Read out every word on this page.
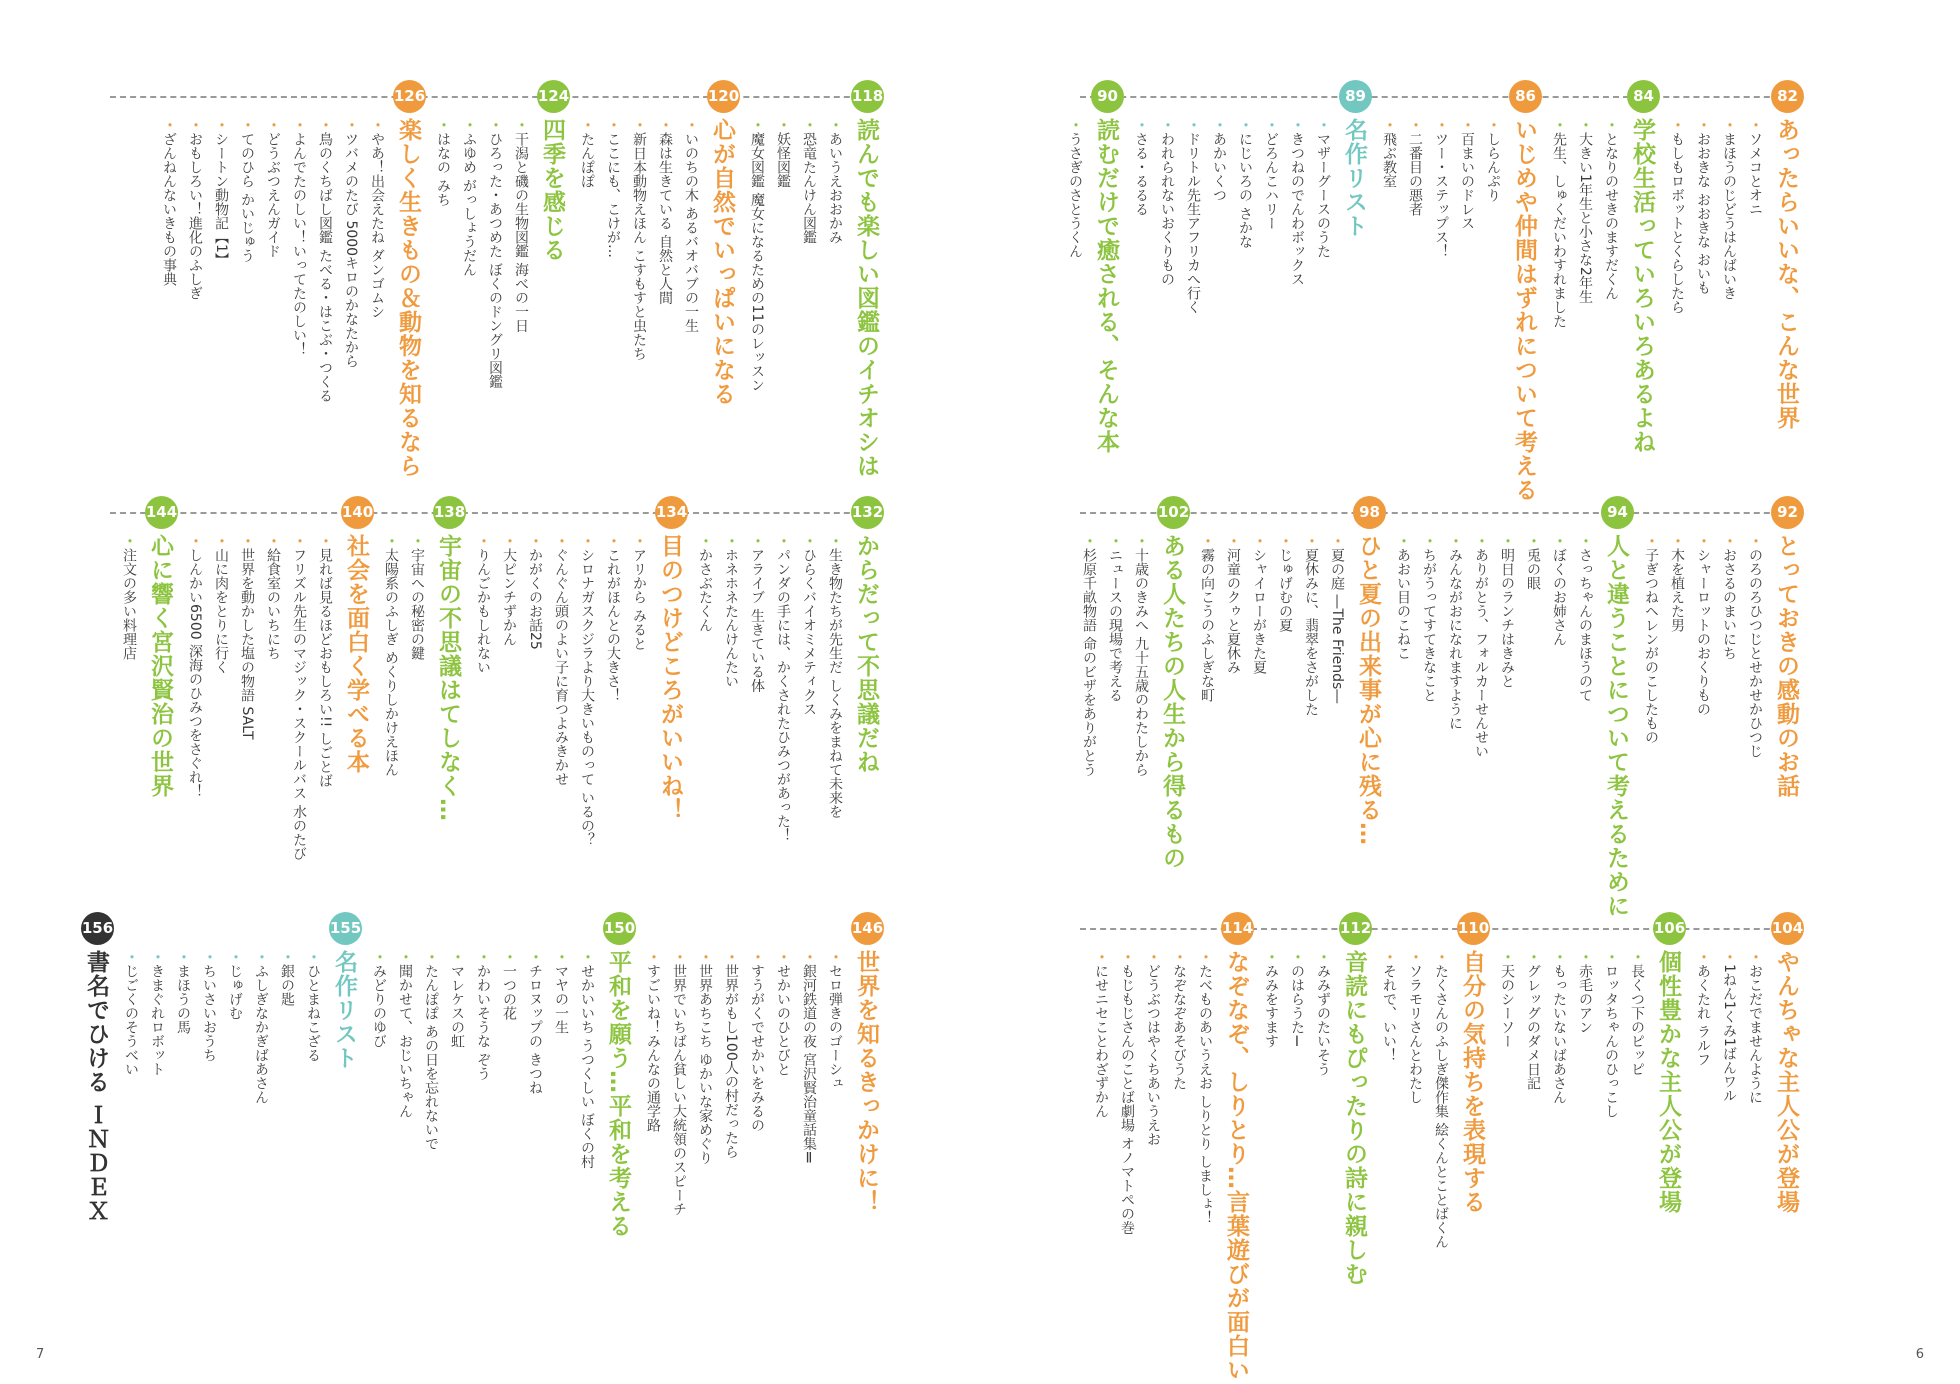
118
読んでも楽しい図鑑のイチオシは
・あいうえおおかみ
・恐竜たんけん図鑑
・妖怪図鑑
・魔女図鑑 魔女になるための11のレッスン
120
心が自然でいっぱいになる
・いのちの木 あるバオバブの一生
・森は生きている 自然と人間
・新日本動物えほん こすもすと虫たち
・ここにも、こけが…
・たんぽぽ
124
四季を感じる
・干潟と磯の生物図鑑 海べの一日
・ひろった・あつめた ぼくのドングリ図鑑
・ふゆめ がっしょうだん
・はなの みち
126
楽しく生きもの＆動物を知るなら
・やあ！出会えたね ダンゴムシ
・ツバメのたび 5000キロのかなたから
・鳥のくちばし図鑑 たべる・はこぶ・つくる
・よんでたのしい！いってたのしい！
・どうぶつえんガイド
・てのひら かいじゅう
・シートン動物記【1】
・おもしろい！進化のふしぎ
・ざんねんないきもの事典
132
からだって不思議だね
・生き物たちが先生だ しくみをまねて未来を
・ひらくバイオミメティクス
・パンダの手には、かくされたひみつがあった！
・アライブ 生きている体
・ホネホネたんけんたい
・かさぶたくん
134
目のつけどころがいいね！
・アリから みると
・これがほんとの大きさ！
・シロナガスクジラより大きいものって いるの？
・ぐんぐん頭のよい子に育つよみきかせ
・かがくのお話25
・大ピンチずかん
・りんごかもしれない
138
宇宙の不思議はてしなく…
・宇宙への秘密の鍵
・太陽系のふしぎ めくりしかけえほん
140
社会を面白く学べる本
・見れば見るほどおもしろい!! しごとば
・フリズル先生のマジック・スクールバス 水のたび
・給食室のいちにち
・世界を動かした塩の物語 SALT
・山に肉をとりに行く
・しんかい6500 深海のひみつをさぐれ！
144
心に響く宮沢賢治の世界
・注文の多い料理店
146
世界を知るきっかけに！
・セロ弾きのゴーシュ
・銀河鉄道の夜 宮沢賢治童話集Ⅱ
・せかいのひとびと
・すうがくでせかいをみるの
・世界がもし100人の村だったら
・世界あちこち ゆかいな家めぐり
・世界でいちばん貧しい大統領のスピーチ
・すごいね！みんなの通学路
150
平和を願う…平和を考える
・せかいいち うつくしい ぼくの村
・マヤの一生
・チロヌップの きつね
・一つの花
・かわいそうな ぞう
・マレケスの虹
・たんぽぽ あの日を忘れないで
・聞かせて、おじいちゃん
・みどりのゆび
155
名作リスト
・ひとまねこざる
・銀の匙
・ふしぎなかぎばあさん
・じゅげむ
・ちいさいおうち
・まほうの馬
・きまぐれロボット
・じごくのそうべい
156
書名でひける ＩＮＤＥＸ
7
82
あったらいいな、こんな世界
・ソメコとオニ
・まほうのじどうはんばいき
・おおきな おおきな おいも
・もしもロボットとくらしたら
84
学校生活っていろいろあるよね
・となりのせきのますだくん
・大きい1年生と小さな2年生
・先生、しゅくだいわすれました
86
いじめや仲間はずれについて考える
・しらんぷり
・百まいのドレス
・ツー・ステップス！
・二番目の悪者
・飛ぶ教室
89
名作リスト
・マザーグースのうた
・きつねのでんわボックス
・どろんこハリー
・にじいろの さかな
・あかいくつ
・ドリトル先生アフリカへ行く
・われられないおくりもの
・さる・るるる
90
読むだけで癒される、そんな本
・うさぎのさとうくん
92
とっておきの感動のお話
・のろのろひつじとせかせかひつじ
・おさるのまいにち
・シャーロットのおくりもの
・木を植えた男
・子ぎつねヘレンがのこしたもの
94
人と違うことについて考えるために
・さっちゃんのまほうのて
・ぼくのお姉さん
・兎の眼
・明日のランチはきみと
・ありがとう、フォルカーせんせい
・みんながおになれますように
・ちがうってすてきなこと
・あおい目のこねこ
98
ひと夏の出来事が心に残る…
・夏の庭 ―The Friends―
・夏休みに、翡翠をさがした
・じゅげむの夏
・シャイローがきた夏
・河童のクゥと夏休み
・霧の向こうのふしぎな町
102
ある人たちの人生から得るもの
・十歳のきみへ 九十五歳のわたしから
・ニュースの現場で考える
・杉原千畝物語 命のビザをありがとう
104
やんちゃな主人公が登場
・おこだでませんように
・1ねん1くみ1ばんワル
・あくたれ ラルフ
106
個性豊かな主人公が登場
・長くつ下のピッピ
・ロッタちゃんのひっこし
・赤毛のアン
・もったいないばあさん
・グレッグのダメ日記
・天のシーソー
110
自分の気持ちを表現する
・たくさんのふしぎ傑作集 絵くんとことばくん
・ソラモリさんとわたし
・それで、いい！
112
音読にもぴったりの詩に親しむ
・みみずのたいそう
・のはらうたⅠ
・みみをすます
114
なぞなぞ、しりとり…言葉遊びが面白い
・たべものあいうえお しりとり しましょ！
・なぞなぞあそびうた
・どうぶつはやくちあいうえお
・もじもじさんのことば劇場 オノマトペの巻
・にせニセことわざずかん
6
